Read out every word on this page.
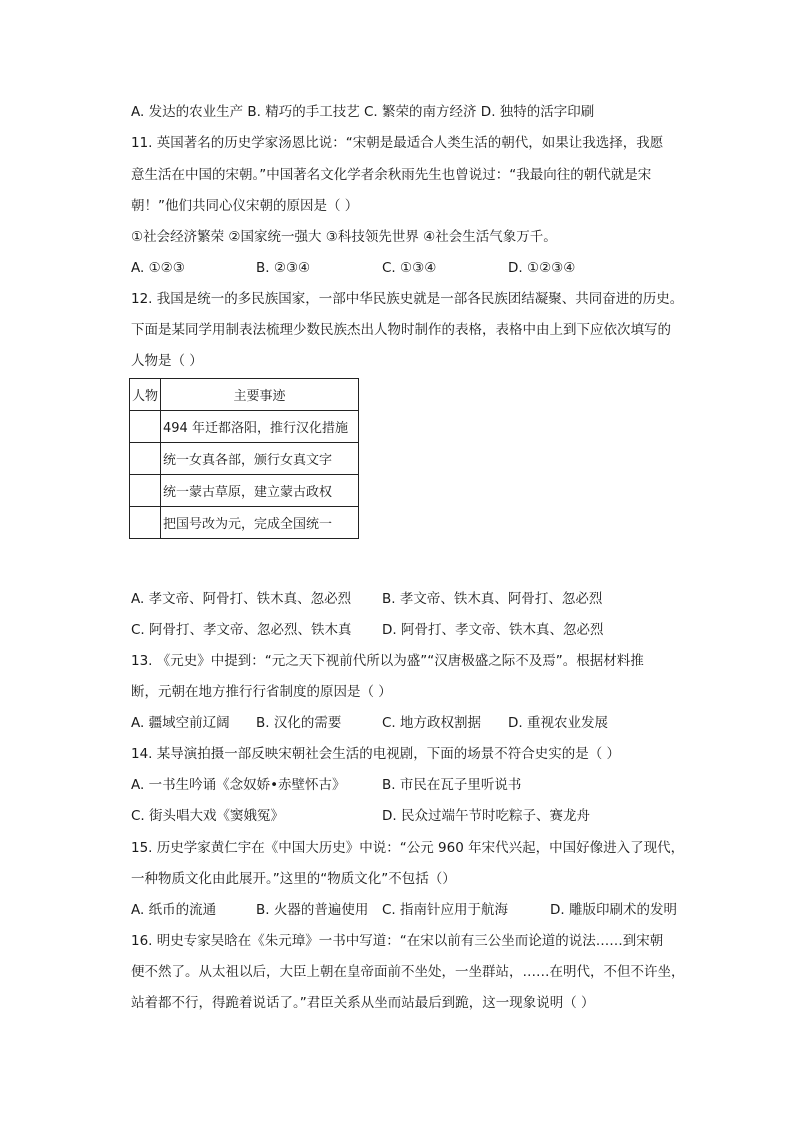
A. 发达的农业生产 B. 精巧的手工技艺 C. 繁荣的南方经济 D. 独特的活字印刷
11. 英国著名的历史学家汤恩比说：“宋朝是最适合人类生活的朝代，如果让我选择，我愿
意生活在中国的宋朝。”中国著名文化学者余秋雨先生也曾说过：“我最向往的朝代就是宋
朝！”他们共同心仪宋朝的原因是（ ）
①社会经济繁荣 ②国家统一强大 ③科技领先世界 ④社会生活气象万千。
A. ①②③	B. ②③④	C. ①③④	D. ①②③④
12. 我国是统一的多民族国家，一部中华民族史就是一部各民族团结凝聚、共同奋进的历史。
下面是某同学用制表法梳理少数民族杰出人物时制作的表格，表格中由上到下应依次填写的
人物是（ ）
人物	主要事迹
	494 年迁都洛阳，推行汉化措施
	统一女真各部，颁行女真文字
	统一蒙古草原，建立蒙古政权
	把国号改为元，完成全国统一
A. 孝文帝、阿骨打、铁木真、忽必烈 B. 孝文帝、铁木真、阿骨打、忽必烈
C. 阿骨打、孝文帝、忽必烈、铁木真 D. 阿骨打、孝文帝、铁木真、忽必烈
13. 《元史》中提到：“元之天下视前代所以为盛”“汉唐极盛之际不及焉”。根据材料推
断，元朝在地方推行行省制度的原因是（ ）
A. 疆域空前辽阔 B. 汉化的需要	C. 地方政权割据 D. 重视农业发展
14. 某导演拍摄一部反映宋朝社会生活的电视剧，下面的场景不符合史实的是（ ）
A. 一书生吟诵《念奴娇•赤壁怀古》	B. 市民在瓦子里听说书
C. 街头唱大戏《窦娥冤》	D. 民众过端午节时吃粽子、赛龙舟
15. 历史学家黄仁宇在《中国大历史》中说：“公元 960 年宋代兴起，中国好像进入了现代，
一种物质文化由此展开。”这里的“物质文化”不包括（）
A. 纸币的流通	B. 火器的普遍使用 C. 指南针应用于航海	D. 雕版印刷术的发明
16. 明史专家吴晗在《朱元璋》一书中写道：“在宋以前有三公坐而论道的说法……到宋朝
便不然了。从太祖以后，大臣上朝在皇帝面前不坐处，一坐群站，……在明代，不但不许坐，
站着都不行，得跪着说话了。”君臣关系从坐而站最后到跪，这一现象说明（ ）
